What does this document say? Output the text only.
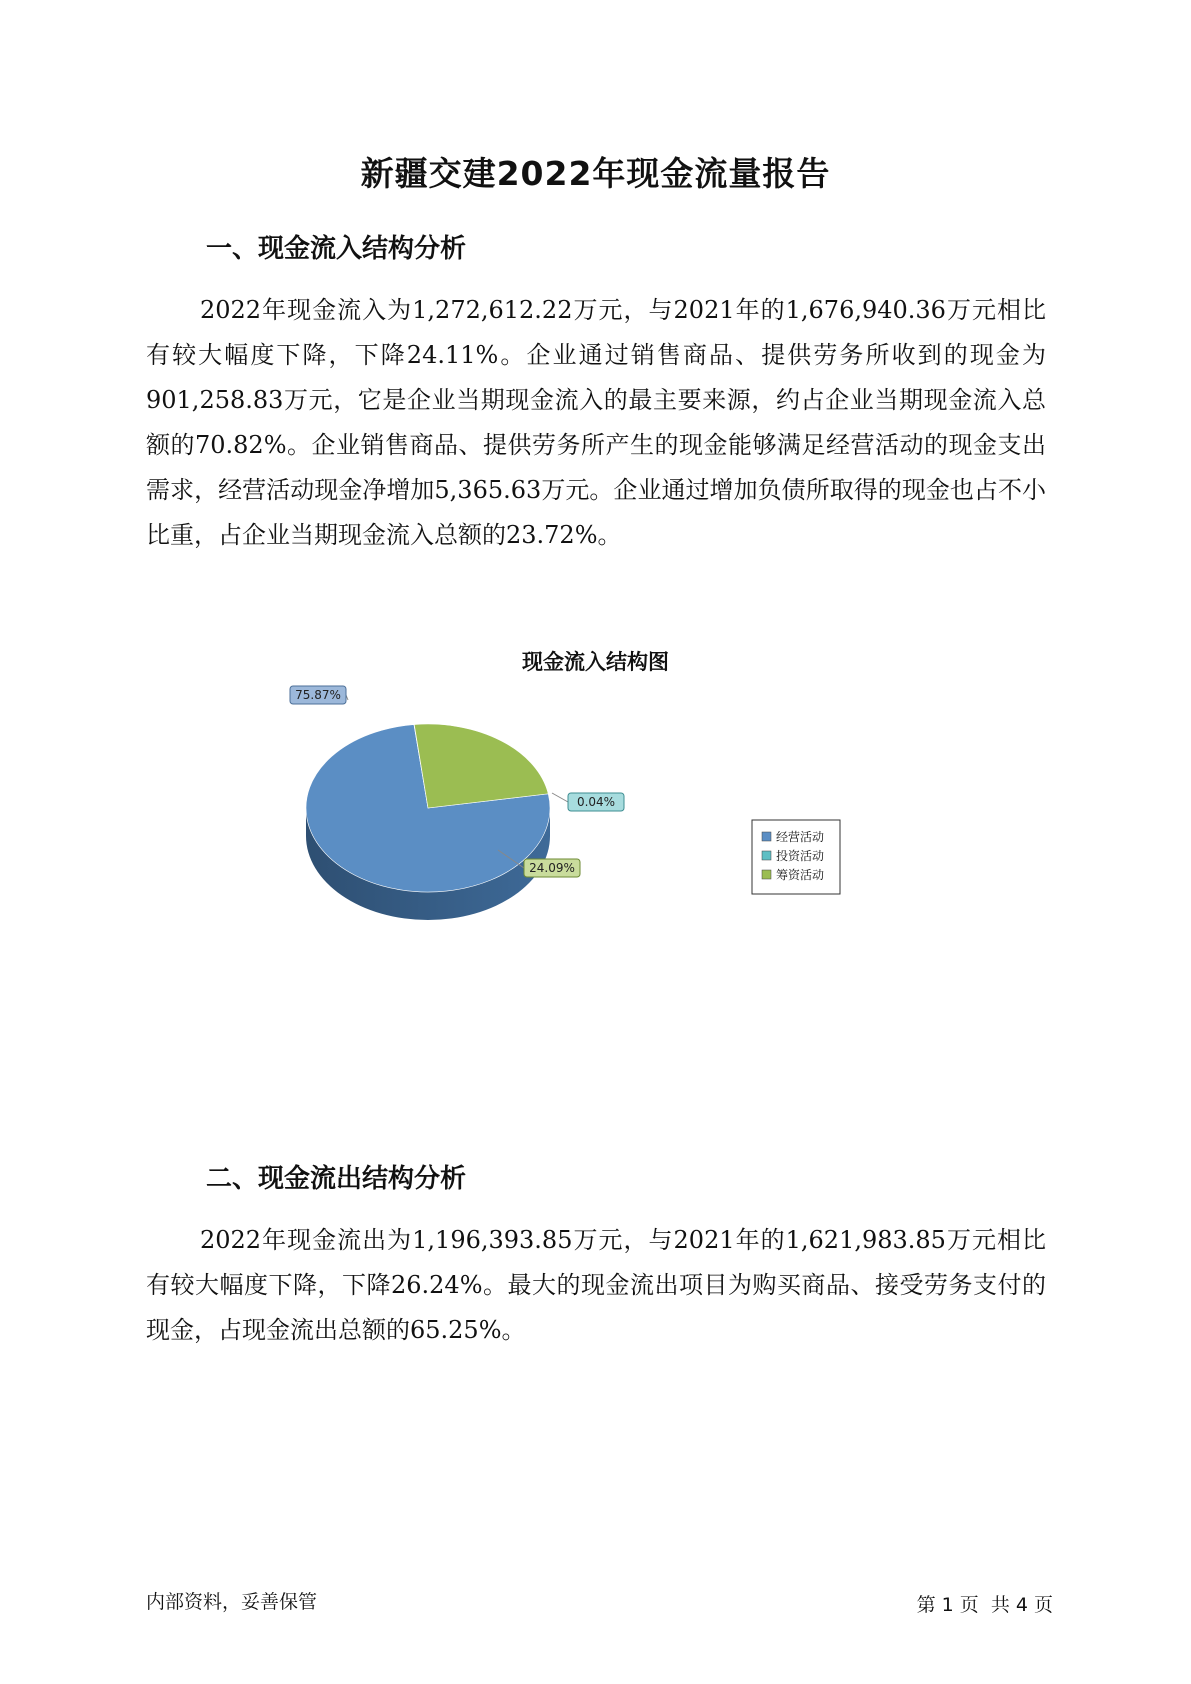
新疆交建2022年现金流量报告
一、现金流入结构分析

2022年现金流入为1,272,612.22万元，与2021年的1,676,940.36万元相比有较大幅度下降，下降24.11%。企业通过销售商品、提供劳务所收到的现金为901,258.83万元，它是企业当期现金流入的最主要来源，约占企业当期现金流入总额的70.82%。企业销售商品、提供劳务所产生的现金能够满足经营活动的现金支出需求，经营活动现金净增加5,365.63万元。企业通过增加负债所取得的现金也占不小比重，占企业当期现金流入总额的23.72%。

现金流入结构图
75.87%
0.04%
24.09%
经营活动
投资活动
筹资活动
二、现金流出结构分析

2022年现金流出为1,196,393.85万元，与2021年的1,621,983.85万元相比有较大幅度下降，下降26.24%。最大的现金流出项目为购买商品、接受劳务支付的现金，占现金流出总额的65.25%。

内部资料，妥善保管	第 1 页  共 4 页
